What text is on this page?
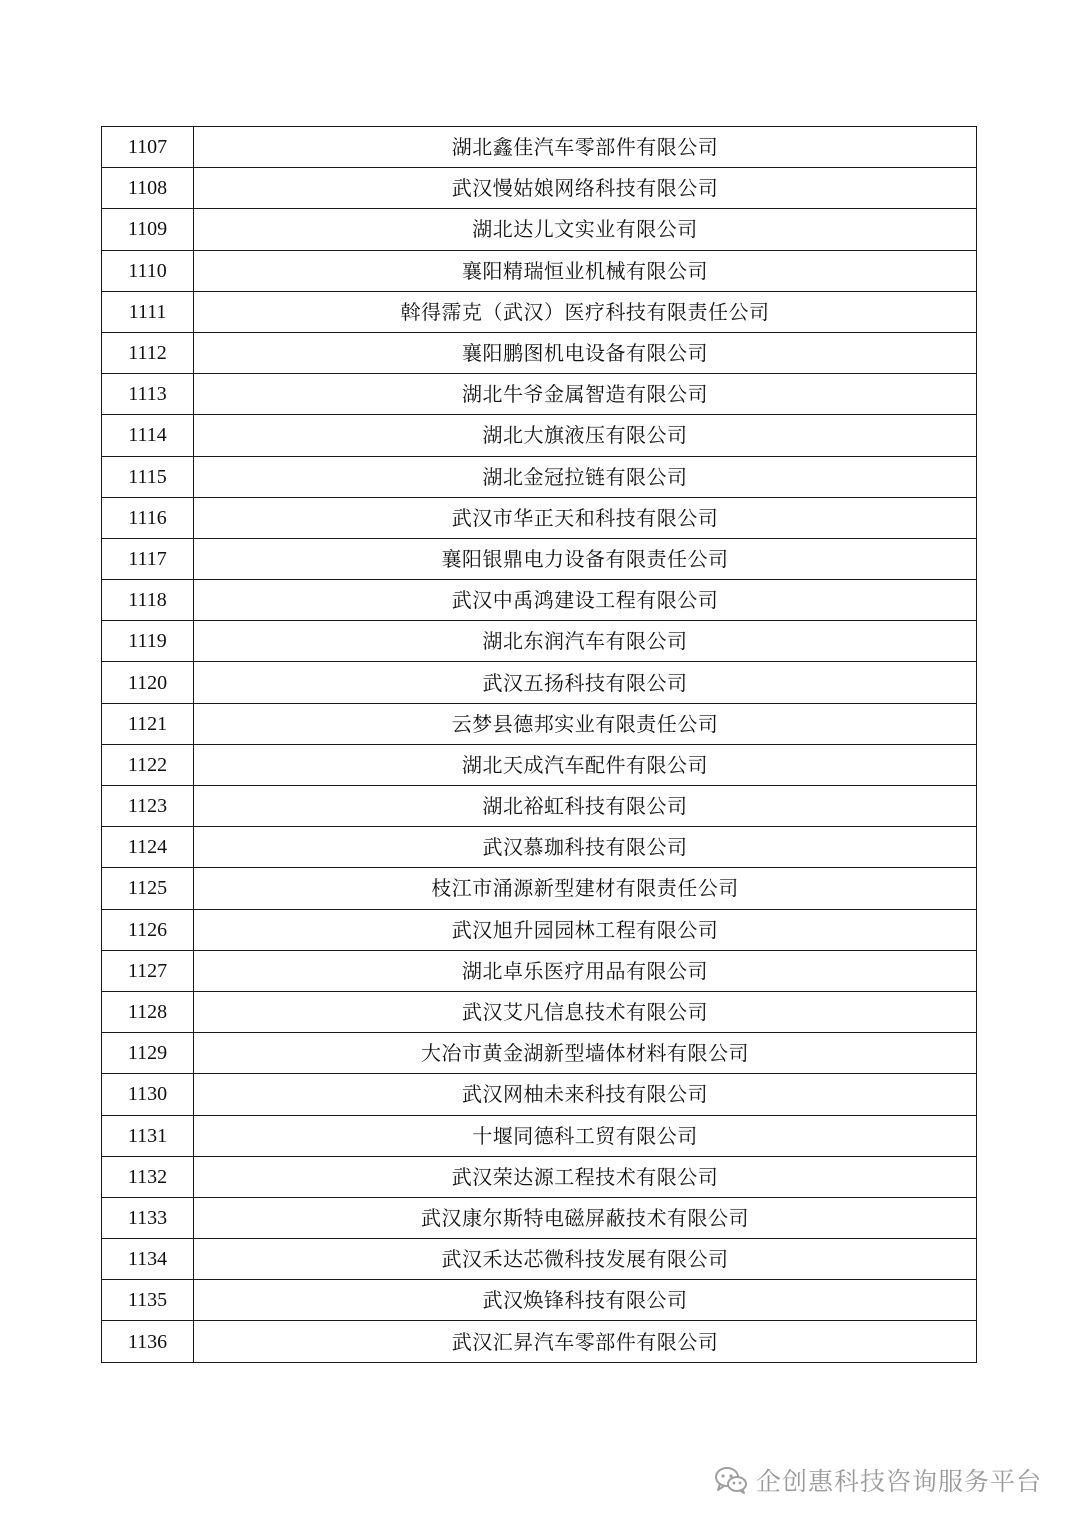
1107	湖北鑫佳汽车零部件有限公司
1108	武汉慢姑娘网络科技有限公司
1109	湖北达儿文实业有限公司
1110	襄阳精瑞恒业机械有限公司
1111	斡得霈克（武汉）医疗科技有限责任公司
1112	襄阳鹏图机电设备有限公司
1113	湖北牛爷金属智造有限公司
1114	湖北大旗液压有限公司
1115	湖北金冠拉链有限公司
1116	武汉市华正天和科技有限公司
1117	襄阳银鼎电力设备有限责任公司
1118	武汉中禹鸿建设工程有限公司
1119	湖北东润汽车有限公司
1120	武汉五扬科技有限公司
1121	云梦县德邦实业有限责任公司
1122	湖北天成汽车配件有限公司
1123	湖北裕虹科技有限公司
1124	武汉慕珈科技有限公司
1125	枝江市涌源新型建材有限责任公司
1126	武汉旭升园园林工程有限公司
1127	湖北卓乐医疗用品有限公司
1128	武汉艾凡信息技术有限公司
1129	大冶市黄金湖新型墙体材料有限公司
1130	武汉网柚未来科技有限公司
1131	十堰同德科工贸有限公司
1132	武汉荣达源工程技术有限公司
1133	武汉康尔斯特电磁屏蔽技术有限公司
1134	武汉禾达芯微科技发展有限公司
1135	武汉焕锋科技有限公司
1136	武汉汇昇汽车零部件有限公司
企创惠科技咨询服务平台
